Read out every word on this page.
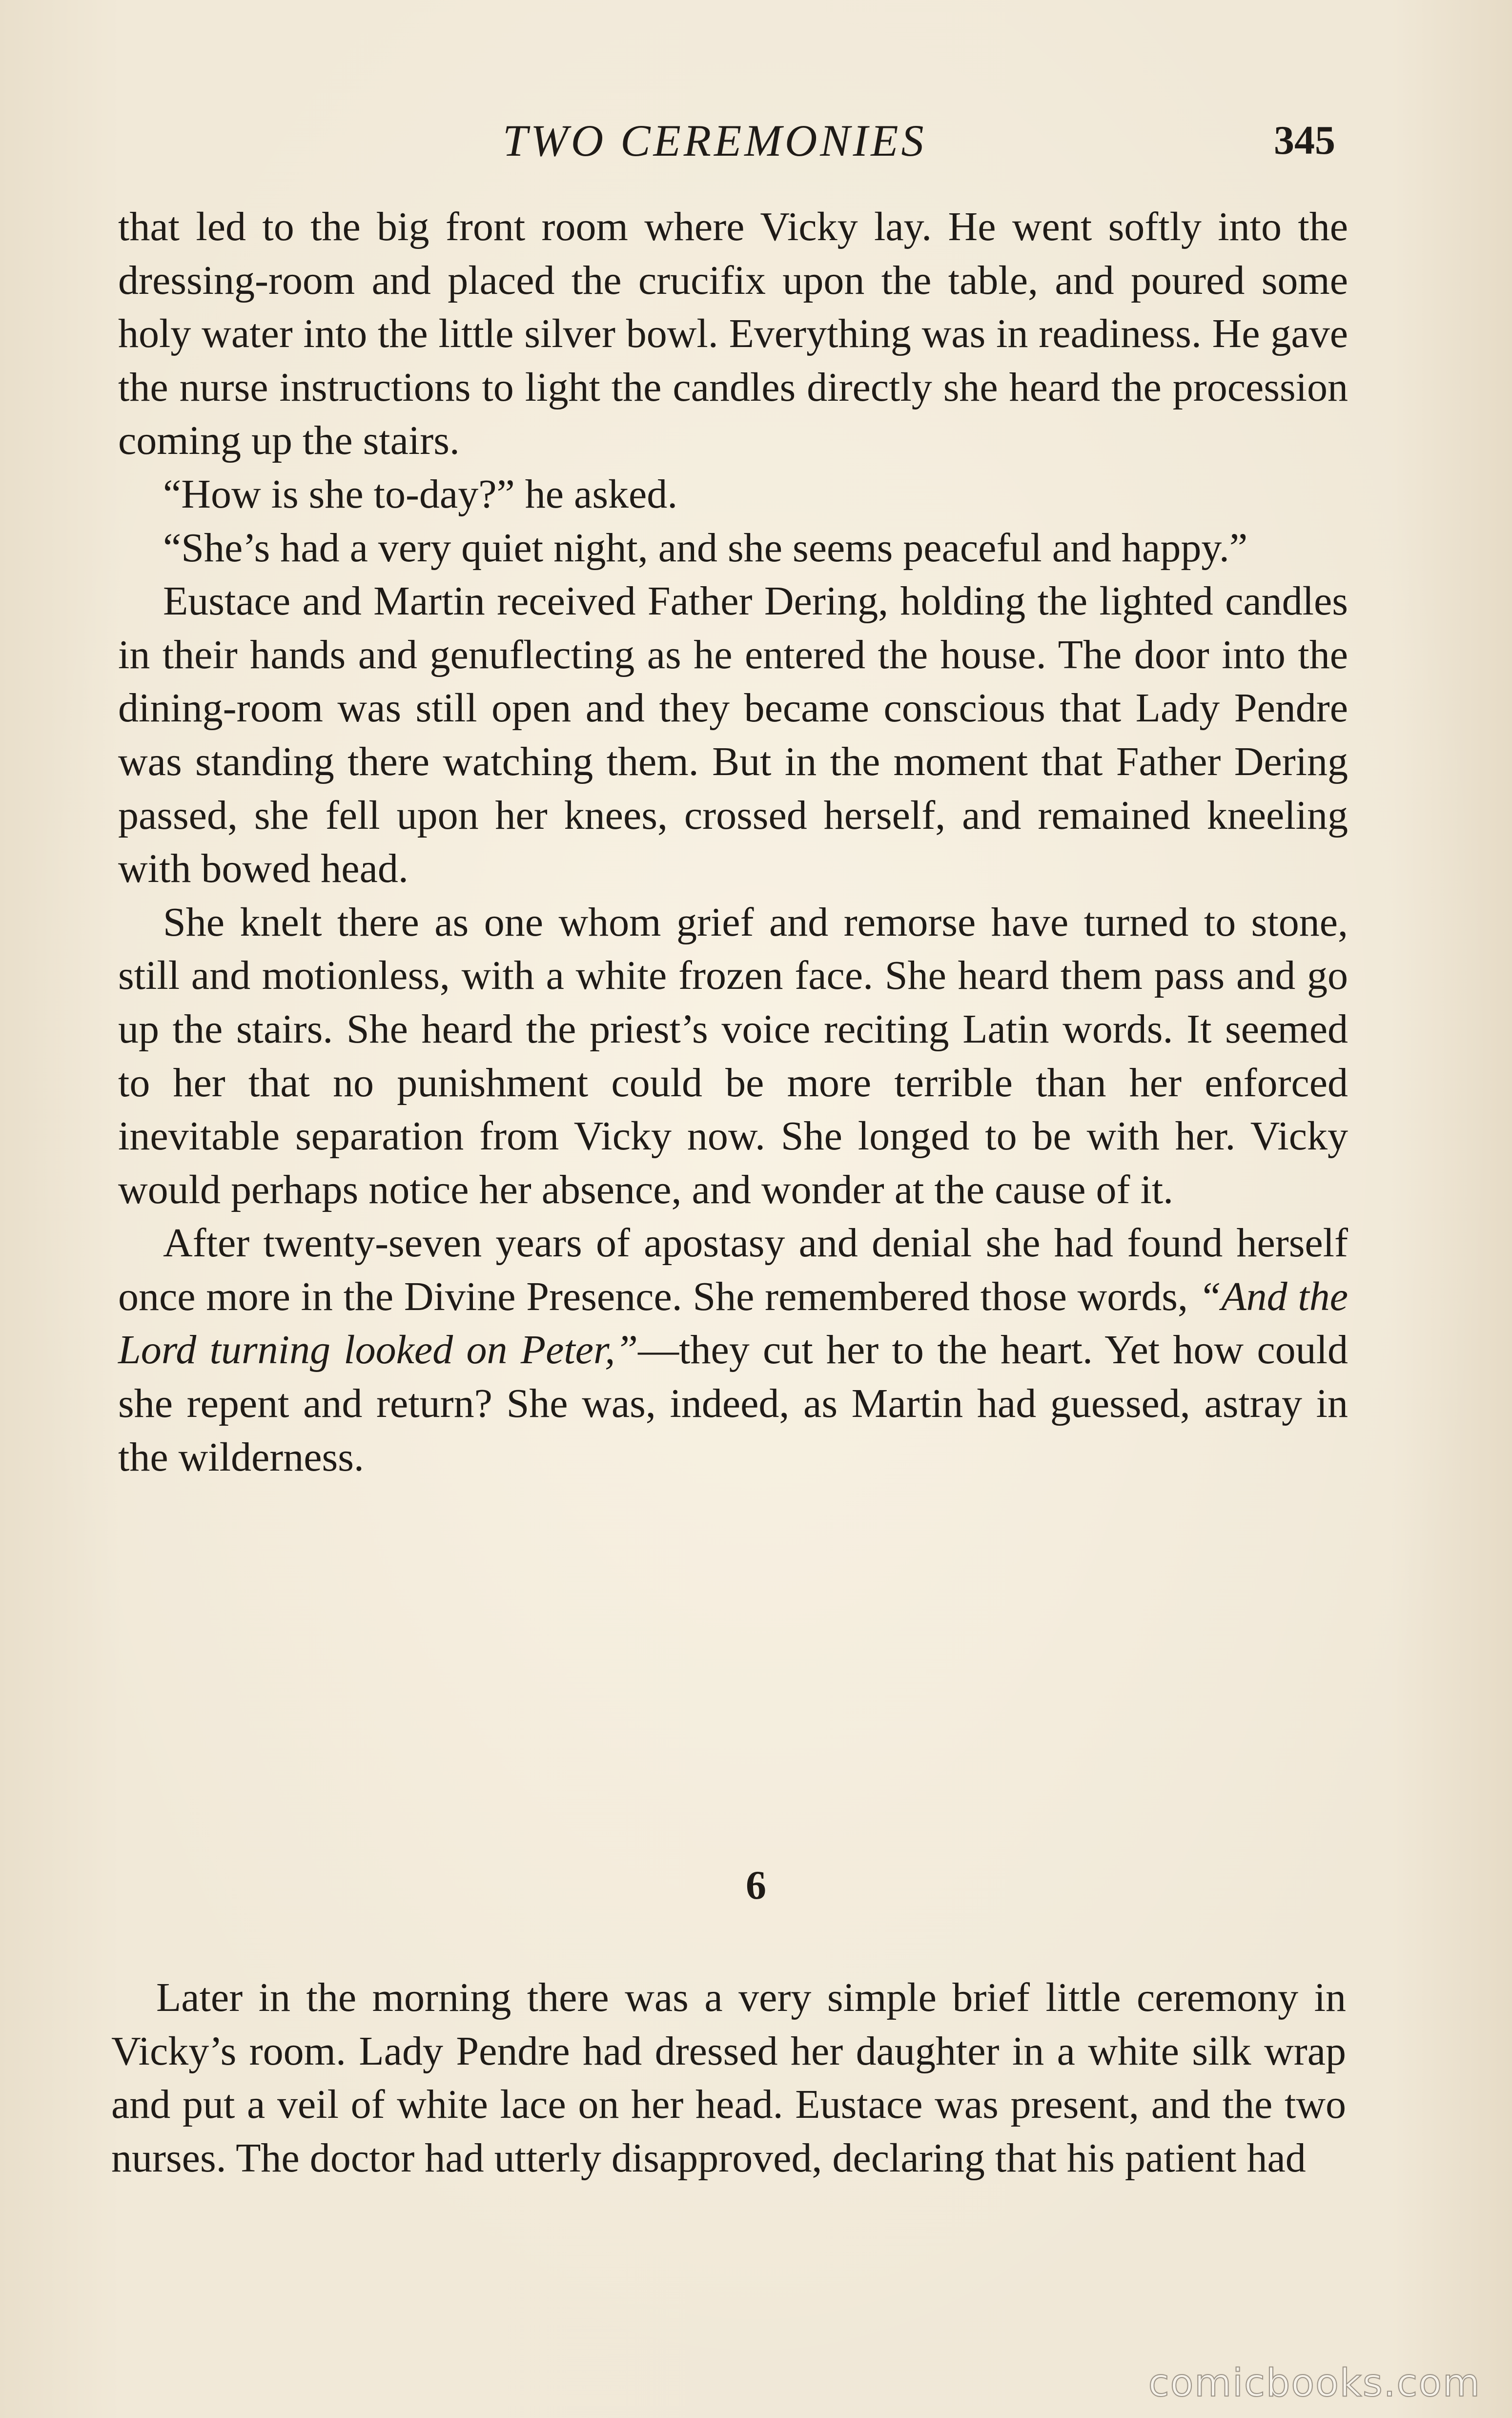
TWO CEREMONIES	345

that led to the big front room where Vicky lay. He went softly into the dressing-room and placed the crucifix upon the table, and poured some holy water into the little silver bowl. Everything was in readiness. He gave the nurse instructions to light the candles directly she heard the procession coming up the stairs.

“How is she to-day?” he asked.

“She’s had a very quiet night, and she seems peaceful and happy.”

Eustace and Martin received Father Dering, holding the lighted candles in their hands and genuflecting as he entered the house. The door into the dining-room was still open and they became conscious that Lady Pendre was standing there watching them. But in the moment that Father Dering passed, she fell upon her knees, crossed herself, and remained kneeling with bowed head.

She knelt there as one whom grief and remorse have turned to stone, still and motionless, with a white frozen face. She heard them pass and go up the stairs. She heard the priest’s voice reciting Latin words. It seemed to her that no punishment could be more terrible than her enforced inevitable separation from Vicky now. She longed to be with her. Vicky would perhaps notice her absence, and wonder at the cause of it.

After twenty-seven years of apostasy and denial she had found herself once more in the Divine Presence. She remembered those words, “And the Lord turning looked on Peter,”—they cut her to the heart. Yet how could she repent and return? She was, indeed, as Martin had guessed, astray in the wilderness.

6

Later in the morning there was a very simple brief little ceremony in Vicky’s room. Lady Pendre had dressed her daughter in a white silk wrap and put a veil of white lace on her head. Eustace was present, and the two nurses. The doctor had utterly disapproved, declaring that his patient had

comicbooks.com
